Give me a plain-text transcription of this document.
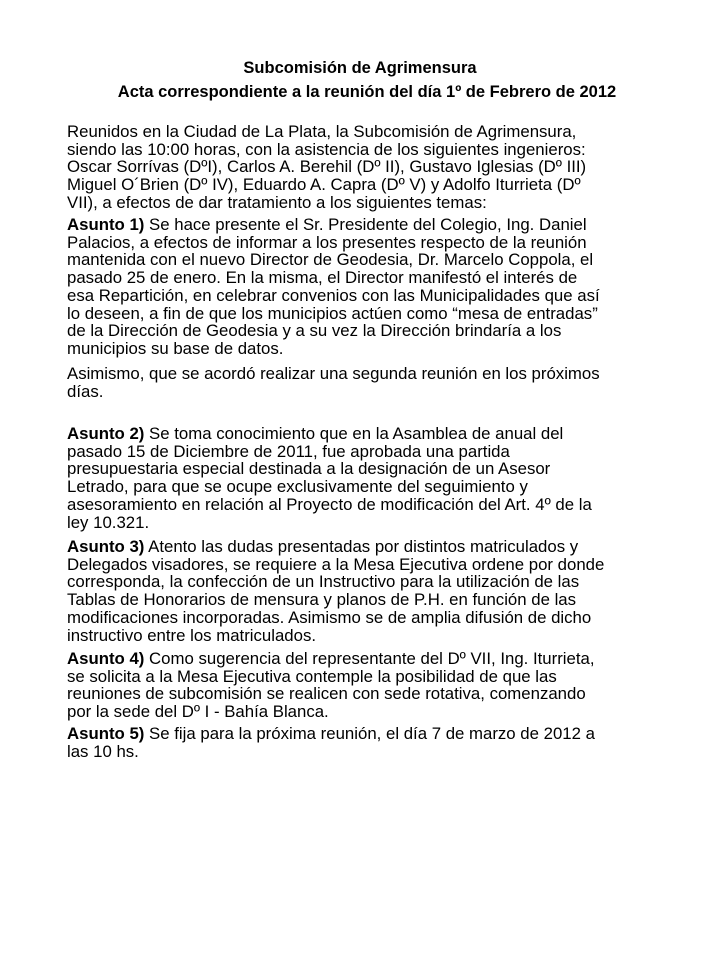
Subcomisión de Agrimensura
Acta correspondiente a la reunión del día 1º de Febrero de 2012
Reunidos en la Ciudad de La Plata, la Subcomisión de Agrimensura,
siendo las 10:00 horas, con la asistencia de los siguientes ingenieros:
Oscar Sorrívas (DºI), Carlos A. Berehil (Dº II), Gustavo Iglesias (Dº III)
Miguel O´Brien (Dº IV), Eduardo A. Capra (Dº V) y Adolfo Iturrieta (Dº
VII), a efectos de dar tratamiento a los siguientes temas:
Asunto 1) Se hace presente el Sr. Presidente del Colegio, Ing. Daniel
Palacios, a efectos de informar a los presentes respecto de la reunión
mantenida con el nuevo Director de Geodesia, Dr. Marcelo Coppola, el
pasado 25 de enero. En la misma, el Director manifestó el interés de
esa Repartición, en celebrar convenios con las Municipalidades que así
lo deseen, a fin de que los municipios actúen como “mesa de entradas”
de la Dirección de Geodesia y a su vez la Dirección brindaría a los
municipios su base de datos.
Asimismo, que se acordó realizar una segunda reunión en los próximos
días.
Asunto 2) Se toma conocimiento que en la Asamblea de anual del
pasado 15 de Diciembre de 2011, fue aprobada una partida
presupuestaria especial destinada a la designación de un Asesor
Letrado, para que se ocupe exclusivamente del seguimiento y
asesoramiento en relación al Proyecto de modificación del Art. 4º de la
ley 10.321.
Asunto 3) Atento las dudas presentadas por distintos matriculados y
Delegados visadores, se requiere a la Mesa Ejecutiva ordene por donde
corresponda, la confección de un Instructivo para la utilización de las
Tablas de Honorarios de mensura y planos de P.H. en función de las
modificaciones incorporadas. Asimismo se de amplia difusión de dicho
instructivo entre los matriculados.
Asunto 4) Como sugerencia del representante del Dº VII, Ing. Iturrieta,
se solicita a la Mesa Ejecutiva contemple la posibilidad de que las
reuniones de subcomisión se realicen con sede rotativa, comenzando
por la sede del Dº I - Bahía Blanca.
Asunto 5) Se fija para la próxima reunión, el día 7 de marzo de 2012 a
las 10 hs.
